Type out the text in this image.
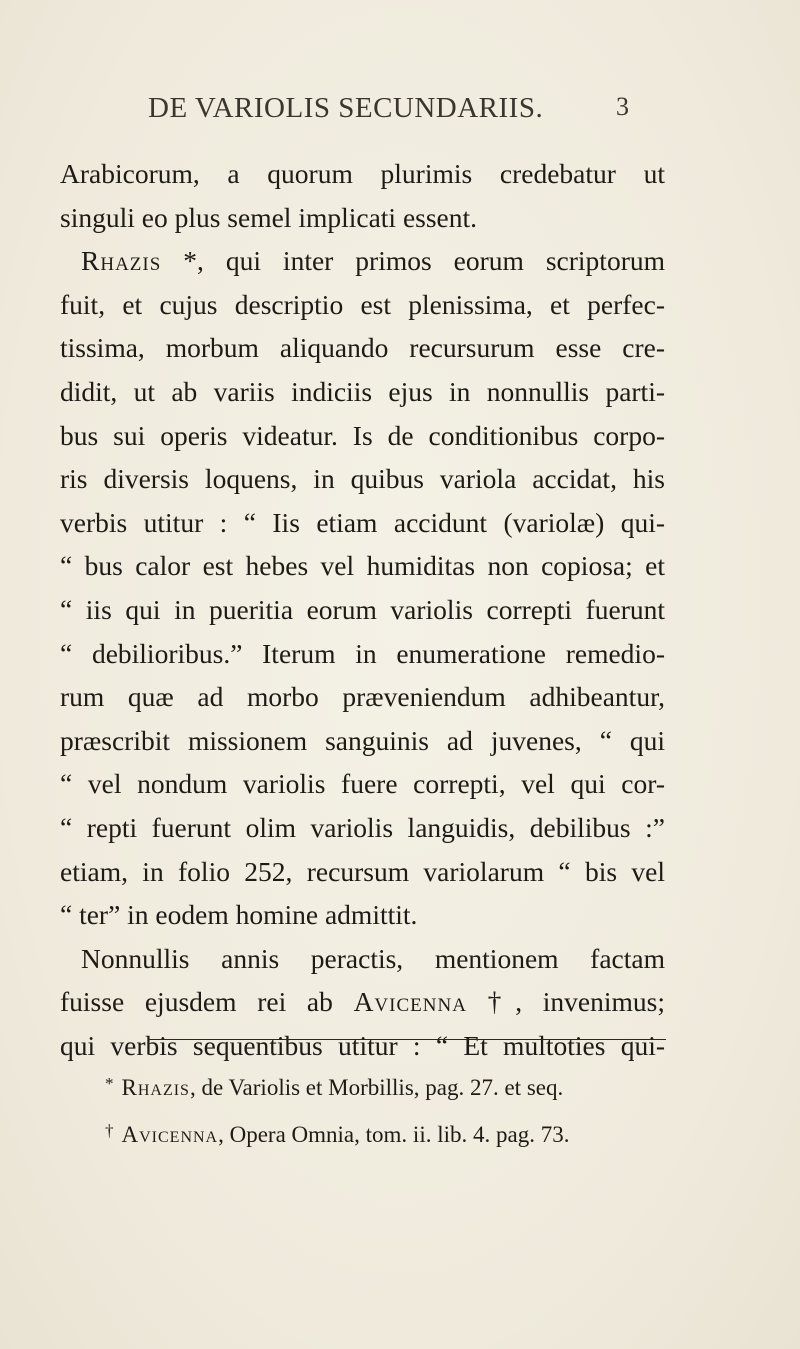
DE VARIOLIS SECUNDARIIS.	3
Arabicorum, a quorum plurimis credebatur ut
singuli eo plus semel implicati essent.
Rhazis *, qui inter primos eorum scriptorum
fuit, et cujus descriptio est plenissima, et perfec-
tissima, morbum aliquando recursurum esse cre-
didit, ut ab variis indiciis ejus in nonnullis parti-
bus sui operis videatur. Is de conditionibus corpo-
ris diversis loquens, in quibus variola accidat, his
verbis utitur : “ Iis etiam accidunt (variolæ) qui-
“ bus calor est hebes vel humiditas non copiosa; et
“ iis qui in pueritia eorum variolis correpti fuerunt
“ debilioribus.” Iterum in enumeratione remedio-
rum quæ ad morbo præveniendum adhibeantur,
præscribit missionem sanguinis ad juvenes, “ qui
“ vel nondum variolis fuere correpti, vel qui cor-
“ repti fuerunt olim variolis languidis, debilibus :”
etiam, in folio 252, recursum variolarum “ bis vel
“ ter” in eodem homine admittit.
Nonnullis annis peractis, mentionem factam
fuisse ejusdem rei ab Avicenna †, invenimus;
qui verbis sequentibus utitur : “ Et multoties qui-
* Rhazis, de Variolis et Morbillis, pag. 27. et seq.
† Avicenna, Opera Omnia, tom. ii. lib. 4. pag. 73.
